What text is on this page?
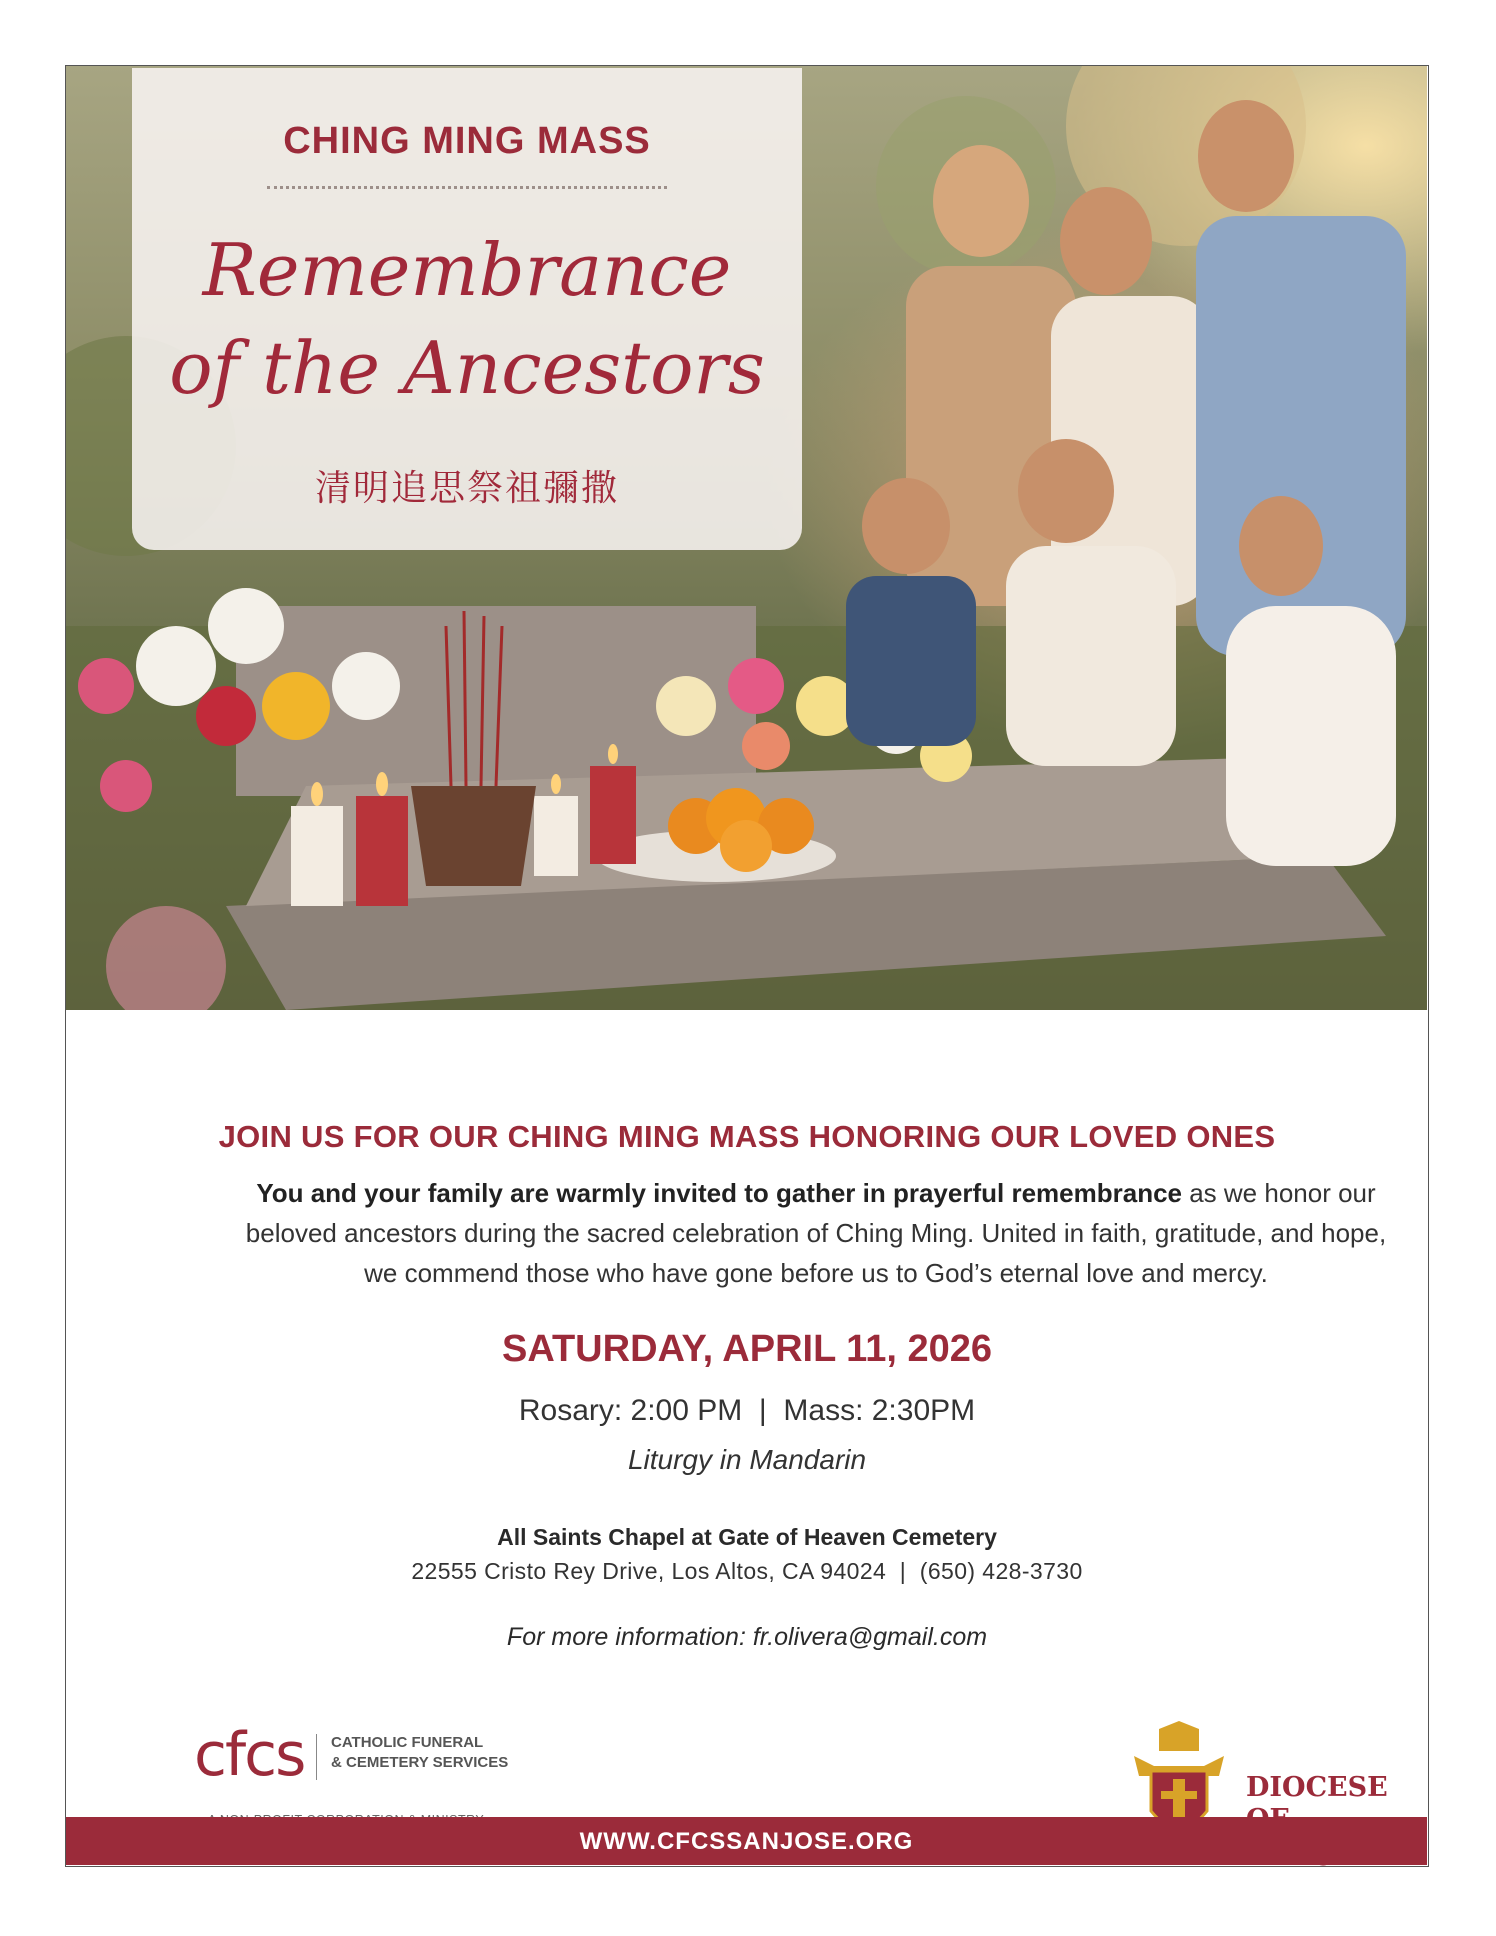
CHING MING MASS
Remembrance
of the Ancestors
清明追思祭祖彌撒
JOIN US FOR OUR CHING MING MASS HONORING OUR LOVED ONES
You and your family are warmly invited to gather in prayerful remembrance as we honor our beloved ancestors during the sacred celebration of Ching Ming. United in faith, gratitude, and hope, we commend those who have gone before us to God’s eternal love and mercy.
SATURDAY, APRIL 11, 2026
Rosary: 2:00 PM  |  Mass: 2:30PM
Liturgy in Mandarin
All Saints Chapel at Gate of Heaven Cemetery
22555 Cristo Rey Drive, Los Altos, CA 94024  |  (650) 428-3730
For more information: fr.olivera@gmail.com
cfcs CATHOLIC FUNERAL
& CEMETERY SERVICES
DIOCESE
WWW.CFCSSANJOSE.ORG
